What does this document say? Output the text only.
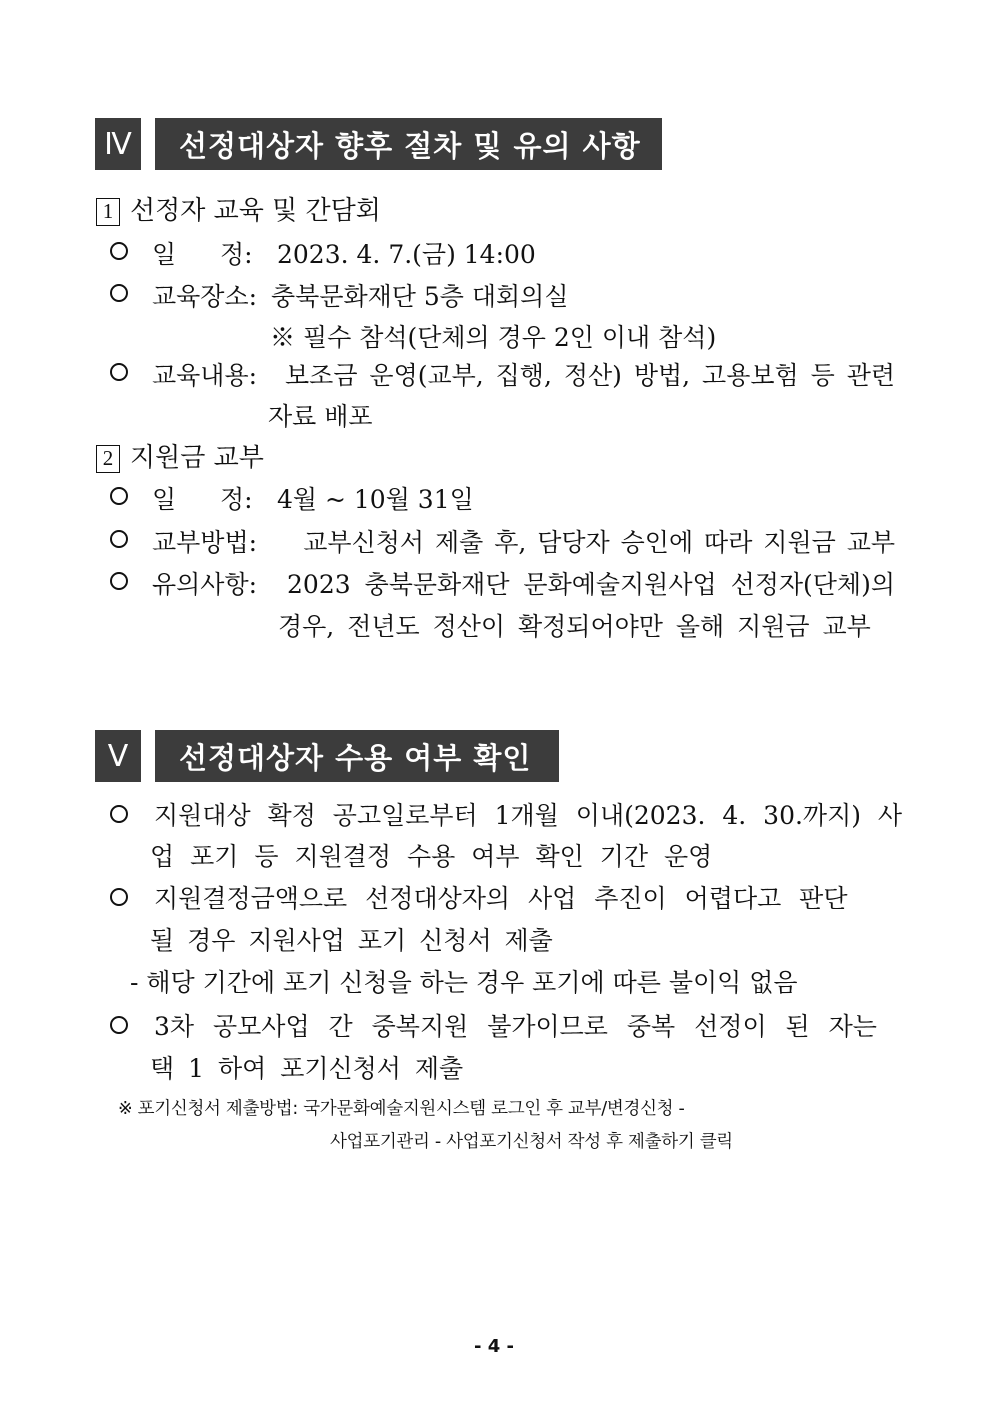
Ⅳ	선정대상자 향후 절차 및 유의 사항
1 선정자 교육 및 간담회
일 정: 2023. 4. 7.(금) 14:00
교육장소: 충북문화재단 5층 대회의실
※ 필수 참석(단체의 경우 2인 이내 참석)
교육내용: 보조금 운영(교부, 집행, 정산) 방법, 고용보험 등 관련
자료 배포
2 지원금 교부
일 정: 4월 ~ 10월 31일
교부방법: 교부신청서 제출 후, 담당자 승인에 따라 지원금 교부
유의사항: 2023 충북문화재단 문화예술지원사업 선정자(단체)의
경우, 전년도 정산이 확정되어야만 올해 지원금 교부
Ⅴ	선정대상자 수용 여부 확인
지원대상 확정 공고일로부터 1개월 이내(2023. 4. 30.까지) 사
업 포기 등 지원결정 수용 여부 확인 기간 운영
지원결정금액으로 선정대상자의 사업 추진이 어렵다고 판단
될 경우 지원사업 포기 신청서 제출
- 해당 기간에 포기 신청을 하는 경우 포기에 따른 불이익 없음
3차 공모사업 간 중복지원 불가이므로 중복 선정이 된 자는
택 1 하여 포기신청서 제출
※ 포기신청서 제출방법: 국가문화예술지원시스템 로그인 후 교부/변경신청 -
사업포기관리 - 사업포기신청서 작성 후 제출하기 클릭
- 4 -
